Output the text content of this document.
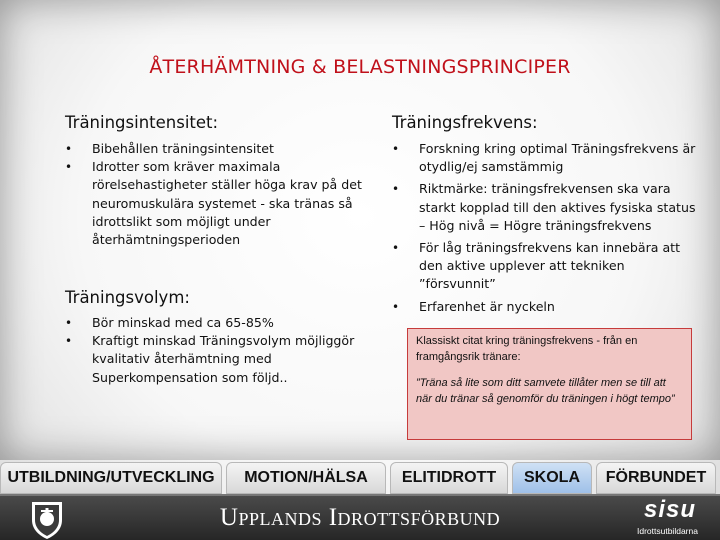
ÅTERHÄMTNING & BELASTNINGSPRINCIPER
Träningsintensitet:
• Bibehållen träningsintensitet
• Idrotter som kräver maximala rörelsehastigheter ställer höga krav på det neuromuskulära systemet - ska tränas så idrottslikt som möjligt under återhämtningsperioden
Träningsvolym:
• Bör minskad med ca 65-85%
• Kraftigt minskad Träningsvolym möjliggör kvalitativ återhämtning med Superkompensation som följd..
Träningsfrekvens:
• Forskning kring optimal Träningsfrekvens är otydlig/ej samstämmig
• Riktmärke: träningsfrekvensen ska vara starkt kopplad till den aktives fysiska status – Hög nivå = Högre träningsfrekvens
• För låg träningsfrekvens kan innebära att den aktive upplever att tekniken ”försvunnit”
• Erfarenhet är nyckeln
Klassiskt citat kring träningsfrekvens - från en framgångsrik tränare:
”Träna så lite som ditt samvete tillåter men se till att när du tränar så genomför du träningen i högt tempo”
UTBILDNING/UTVECKLING	MOTION/HÄLSA	ELITIDROTT	SKOLA	FÖRBUNDET
Upplands Idrottsförbund	sisu
Idrottsutbildarna
